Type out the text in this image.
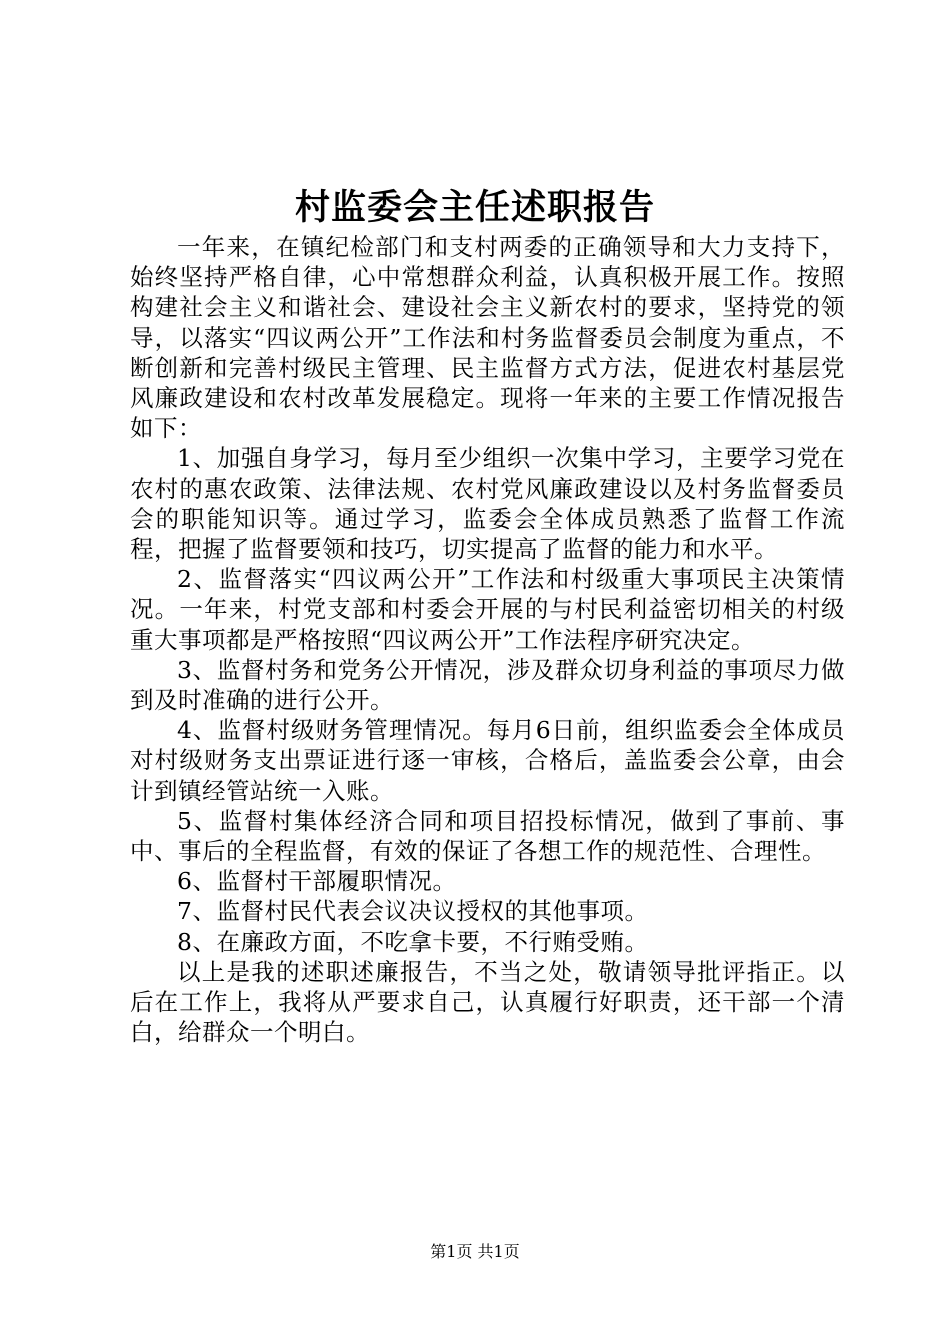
村监委会主任述职报告

一年来，在镇纪检部门和支村两委的正确领导和大力支持下，始终坚持严格自律，心中常想群众利益，认真积极开展工作。按照构建社会主义和谐社会、建设社会主义新农村的要求，坚持党的领导，以落实“四议两公开”工作法和村务监督委员会制度为重点，不断创新和完善村级民主管理、民主监督方式方法，促进农村基层党风廉政建设和农村改革发展稳定。现将一年来的主要工作情况报告如下：

1、加强自身学习，每月至少组织一次集中学习，主要学习党在农村的惠农政策、法律法规、农村党风廉政建设以及村务监督委员会的职能知识等。通过学习，监委会全体成员熟悉了监督工作流程，把握了监督要领和技巧，切实提高了监督的能力和水平。

2、监督落实“四议两公开”工作法和村级重大事项民主决策情况。一年来，村党支部和村委会开展的与村民利益密切相关的村级重大事项都是严格按照“四议两公开”工作法程序研究决定。

3、监督村务和党务公开情况，涉及群众切身利益的事项尽力做到及时准确的进行公开。

4、监督村级财务管理情况。每月6日前，组织监委会全体成员对村级财务支出票证进行逐一审核，合格后，盖监委会公章，由会计到镇经管站统一入账。

5、监督村集体经济合同和项目招投标情况，做到了事前、事中、事后的全程监督，有效的保证了各想工作的规范性、合理性。

6、监督村干部履职情况。

7、监督村民代表会议决议授权的其他事项。

8、在廉政方面，不吃拿卡要，不行贿受贿。

以上是我的述职述廉报告，不当之处，敬请领导批评指正。以后在工作上，我将从严要求自己，认真履行好职责，还干部一个清白，给群众一个明白。

第1页 共1页
